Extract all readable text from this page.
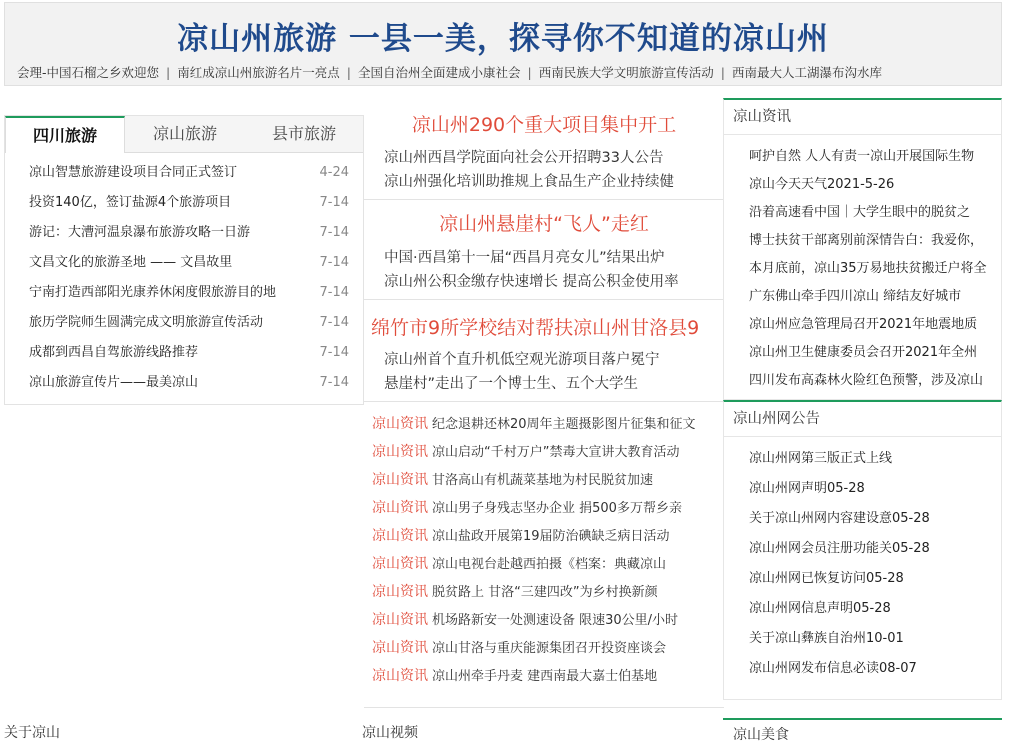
凉山州旅游 一县一美，探寻你不知道的凉山州
会理-中国石榴之乡欢迎您 | 南红成凉山州旅游名片一亮点 | 全国自治州全面建成小康社会 | 西南民族大学文明旅游宣传活动 | 西南最大人工湖瀑布沟水库
四川旅游	凉山旅游	县市旅游
凉山智慧旅游建设项目合同正式签订	4-24
投资140亿，签订盐源4个旅游项目	7-14
游记：大漕河温泉瀑布旅游攻略一日游	7-14
文昌文化的旅游圣地 —— 文昌故里	7-14
宁南打造西部阳光康养休闲度假旅游目的地	7-14
旅历学院师生圆满完成文明旅游宣传活动	7-14
成都到西昌自驾旅游线路推荐	7-14
凉山旅游宣传片——最美凉山	7-14
凉山州290个重大项目集中开工
凉山州西昌学院面向社会公开招聘33人公告
凉山州强化培训助推规上食品生产企业持续健
凉山州悬崖村“飞人”走红
中国·西昌第十一届“西昌月亮女儿”结果出炉
凉山州公积金缴存快速增长 提高公积金使用率
绵竹市9所学校结对帮扶凉山州甘洛县9
凉山州首个直升机低空观光游项目落户冕宁
悬崖村”走出了一个博士生、五个大学生
凉山资讯 纪念退耕还林20周年主题摄影图片征集和征文
凉山资讯 凉山启动“千村万户”禁毒大宣讲大教育活动
凉山资讯 甘洛高山有机蔬菜基地为村民脱贫加速
凉山资讯 凉山男子身残志坚办企业 捐500多万帮乡亲
凉山资讯 凉山盐政开展第19届防治碘缺乏病日活动
凉山资讯 凉山电视台赴越西拍摄《档案：典藏凉山
凉山资讯 脱贫路上 甘洛“三建四改”为乡村换新颜
凉山资讯 机场路新安一处测速设备 限速30公里/小时
凉山资讯 凉山甘洛与重庆能源集团召开投资座谈会
凉山资讯 凉山州牵手丹麦 建西南最大嘉士伯基地
凉山资讯
呵护自然 人人有责一凉山开展国际生物
凉山今天天气2021-5-26
沿着高速看中国｜大学生眼中的脱贫之
博士扶贫干部离别前深情告白：我爱你，
本月底前，凉山35万易地扶贫搬迁户将全
广东佛山牵手四川凉山 缔结友好城市
凉山州应急管理局召开2021年地震地质
凉山州卫生健康委员会召开2021年全州
四川发布高森林火险红色预警，涉及凉山
凉山州网公告
凉山州网第三版正式上线
凉山州网声明05-28
关于凉山州网内容建设意05-28
凉山州网会员注册功能关05-28
凉山州网已恢复访问05-28
凉山州网信息声明05-28
关于凉山彝族自治州10-01
凉山州网发布信息必读08-07
关于凉山	凉山视频	凉山美食
